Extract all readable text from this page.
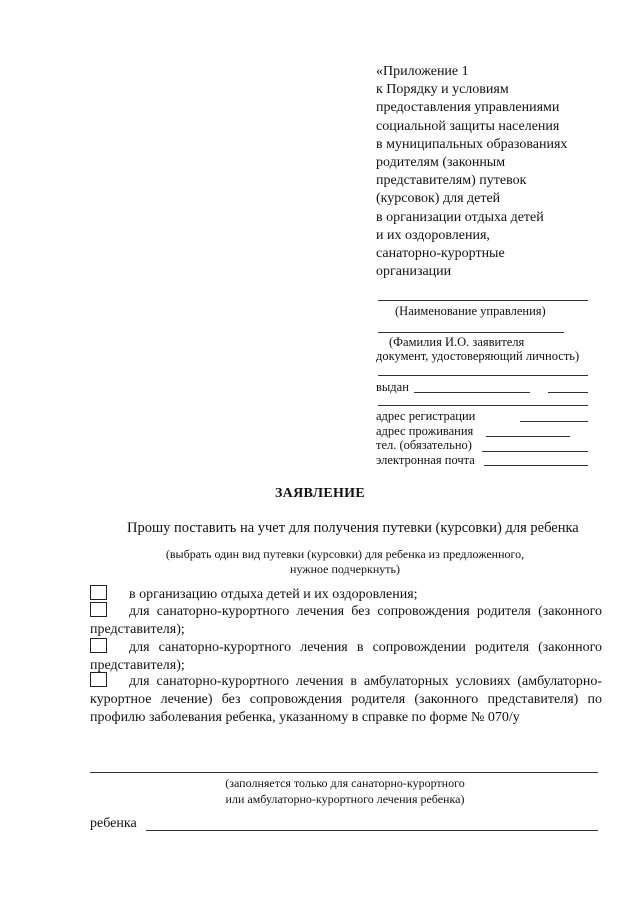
«Приложение 1
к Порядку и условиям
предоставления управлениями
социальной защиты населения
в муниципальных образованиях
родителям (законным
представителям) путевок
(курсовок) для детей
в организации отдыха детей
и их оздоровления,
санаторно-курортные
организации
(Наименование управления)
(Фамилия И.О. заявителя
документ, удостоверяющий личность)
выдан
адрес регистрации
адрес проживания
тел. (обязательно)
электронная почта
ЗАЯВЛЕНИЕ
Прошу поставить на учет для получения путевки (курсовки) для ребенка
(выбрать один вид путевки (курсовки) для ребенка из предложенного,
нужное подчеркнуть)
в организацию отдыха детей и их оздоровления;
для санаторно-курортного лечения без сопровождения родителя (законного представителя);
для санаторно-курортного лечения в сопровождении родителя (законного представителя);
для санаторно-курортного лечения в амбулаторных условиях (амбулаторно-курортное лечение) без сопровождения родителя (законного представителя) по профилю заболевания ребенка, указанному в справке по форме № 070/у
(заполняется только для санаторно-курортного
или амбулаторно-курортного лечения ребенка)
ребенка
